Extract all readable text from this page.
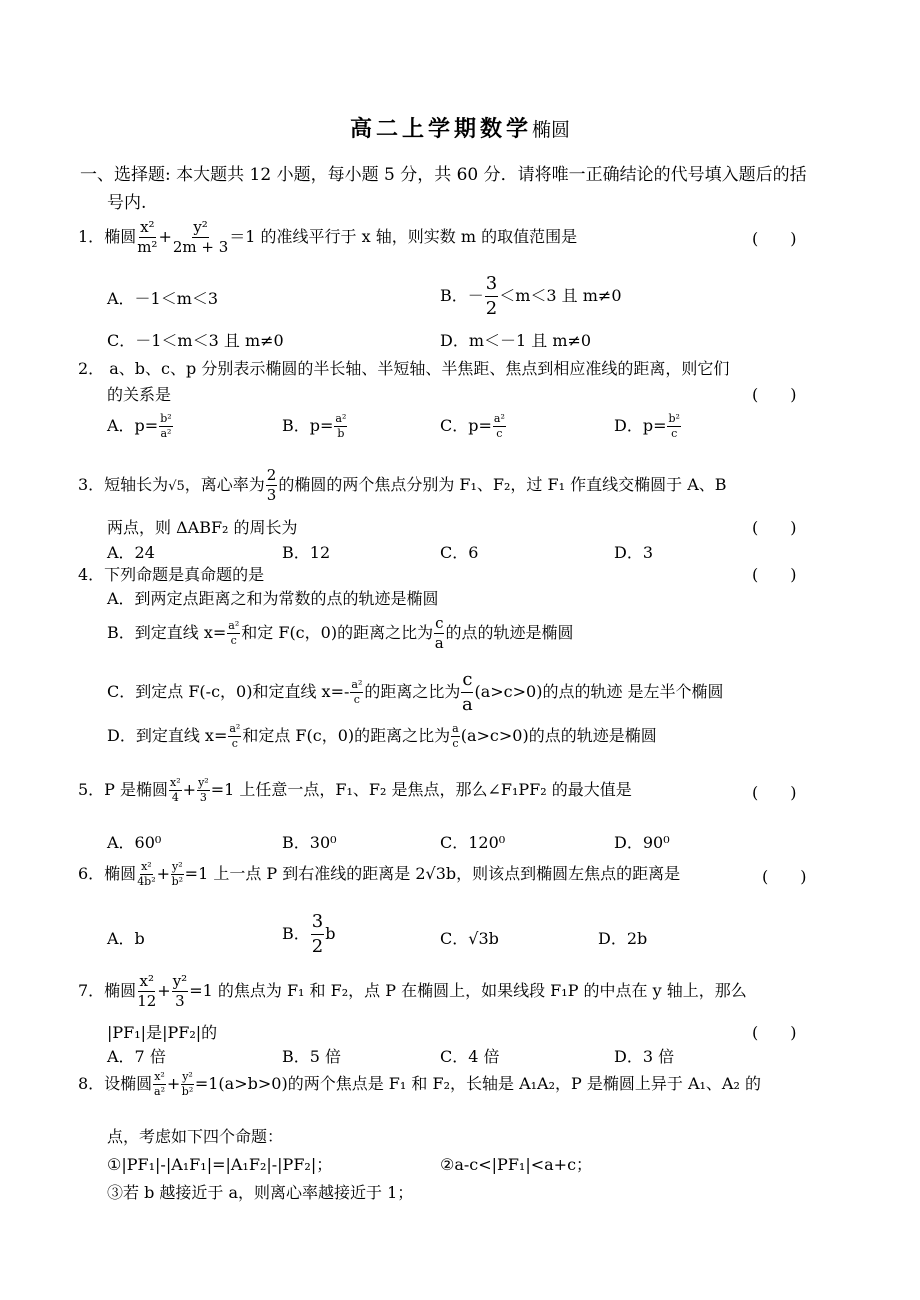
高二上学期数学椭圆
一、选择题: 本大题共 12 小题，每小题 5 分，共 60 分．请将唯一正确结论的代号填入题后的括
号内.
1．椭圆 $\frac{\text{x²}}{\text{m²}} + \frac{\text{y²}}{2m + 3} =1$ 的准线平行于 x 轴，则实数 m 的取值范围是	(　　)
A．－1＜m＜3	B．－ $\frac{3}{2} <m<3$ 且 m≠0
C．－1＜m＜3 且 m≠0	D．m＜－1 且 m≠0
2． a、b、c、p 分别表示椭圆的半长轴、半短轴、半焦距、焦点到相应准线的距离，则它们
的关系是	(　　)
A．$p= \frac{\text{b²}}{\text{a²}}$	B．$p= \frac{\text{a²}}{b}$	C．$p= \frac{\text{a²}}{c}$	D．$p= \frac{\text{b²}}{c}$
3．短轴长为√5，离心率为 $\frac{2}{3}$ 的椭圆的两个焦点分别为 F₁、F₂，过 F₁ 作直线交椭圆于 A、B
两点，则 ΔABF₂ 的周长为	(　　)
A．24	B．12	C．6	D．3
4．下列命题是真命题的是	(　　)
A．到两定点距离之和为常数的点的轨迹是椭圆
B．到定直线 $x= \frac{\text{a²}}{c}$ 和定 F(c，0)的距离之比为 $\frac{c}{a}$ 的点的轨迹是椭圆
C．到定点 F(-c，0)和定直线 $x=- \frac{\text{a²}}{c}$ 的距离之比为 $\frac{c}{a} (a>c>0)$的点的轨迹 是左半个椭圆
D．到定直线 $x= \frac{\text{a²}}{c}$ 和定点 F(c，0)的距离之比为 $\frac{a}{c} (a>c>0)$的点的轨迹是椭圆
5．P 是椭圆 $\frac{\text{x²}}{4} + \frac{\text{y²}}{3} =1$ 上任意一点，F₁、F₂ 是焦点，那么∠F₁PF₂ 的最大值是	(　　)
A．60⁰	B．30⁰	C．120⁰	D．90⁰
6．椭圆 $\frac{\text{x²}}{\text{4b²}} + \frac{\text{y²}}{\text{b²}} =1$ 上一点 P 到右准线的距离是 2√3b，则该点到椭圆左焦点的距离是	(　　)
A．b	B． $\frac{3}{2}$ b	C．√3b	D．2b
7．椭圆 $\frac{\text{x²}}{12} + \frac{\text{y²}}{3} =1$ 的焦点为 F₁ 和 F₂，点 P 在椭圆上，如果线段 F₁P 的中点在 y 轴上，那么
|PF₁|是|PF₂|的	(　　)
A．7 倍	B．5 倍	C．4 倍	D．3 倍
8．设椭圆 $\frac{\text{x²}}{\text{a²}} + \frac{\text{y²}}{\text{b²}} =1(a>b>0)$的两个焦点是 F₁ 和 F₂，长轴是 A₁A₂，P 是椭圆上异于 A₁、A₂ 的
点，考虑如下四个命题：
①|PF₁|-|A₁F₁|=|A₁F₂|-|PF₂|；	②a-c<|PF₁|<a+c；
③若 b 越接近于 a，则离心率越接近于 1；
